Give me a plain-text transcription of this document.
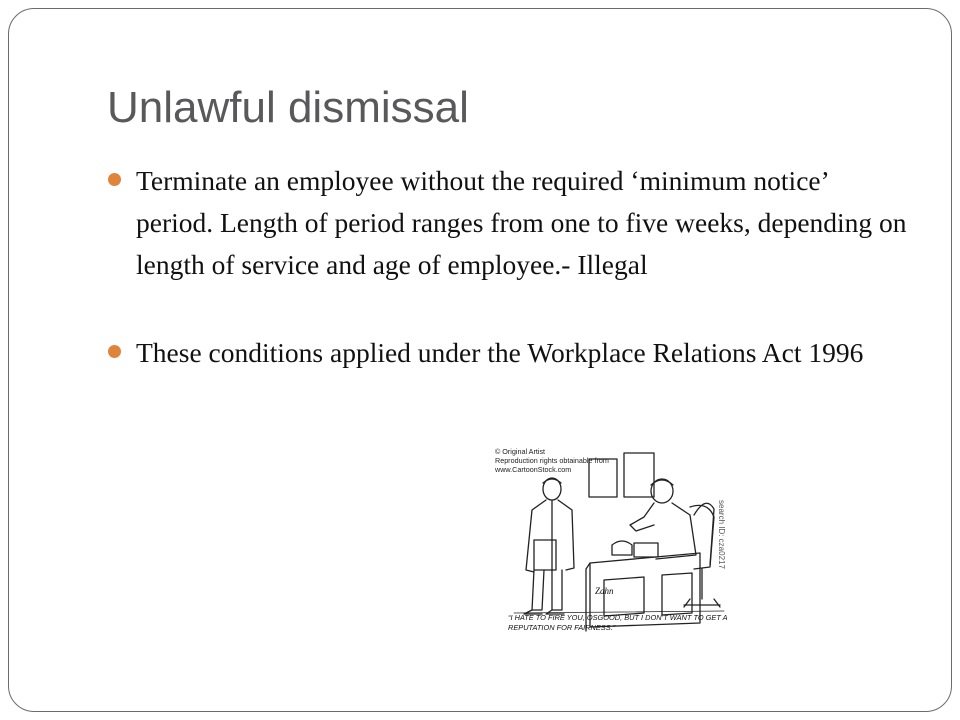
Unlawful dismissal
Terminate an employee without the required ‘minimum notice’ period. Length of period ranges from one to five weeks, depending on length of service and age of employee.- Illegal
These conditions applied under the Workplace Relations Act 1996
© Original Artist
Reproduction rights obtainable from
www.CartoonStock.com
search ID: cza0217
Zahn
“I HATE TO FIRE YOU, OSGOOD, BUT I DON’T WANT TO GET A REPUTATION FOR FAIRNESS.”
